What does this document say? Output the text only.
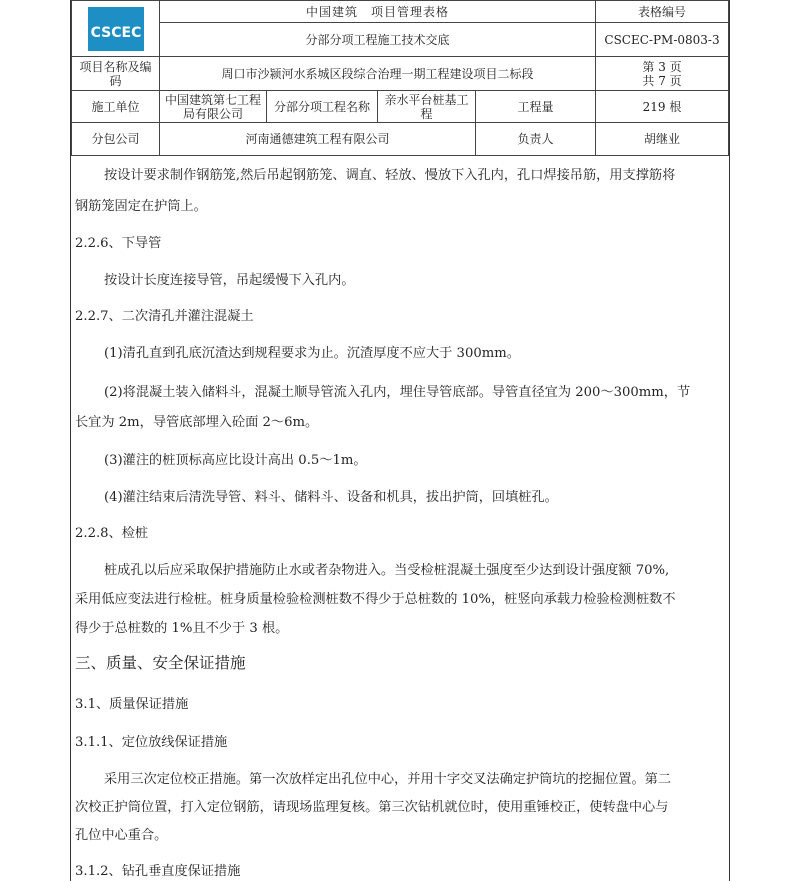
CSCEC	中国建筑　项目管理表格				表格编号
	分部分项工程施工技术交底				CSCEC-PM-0803-3
项目名称及编码	周口市沙颍河水系城区段综合治理一期工程建设项目二标段				第 3 页
共 7 页

施工单位	中国建筑第七工程局有限公司	分部分项工程名称	亲水平台桩基工程	工程量	219 根
分包公司	河南通德建筑工程有限公司			负责人	胡继业
按设计要求制作钢筋笼,然后吊起钢筋笼、调直、轻放、慢放下入孔内，孔口焊接吊筋，用支撑筋将
钢筋笼固定在护筒上。
2.2.6、下导管
按设计长度连接导管，吊起缓慢下入孔内。
2.2.7、二次清孔并灌注混凝土
(1)清孔直到孔底沉渣达到规程要求为止。沉渣厚度不应大于 300mm。
(2)将混凝土装入储料斗，混凝土顺导管流入孔内，埋住导管底部。导管直径宜为 200～300mm，节
长宜为 2m，导管底部埋入砼面 2～6m。
(3)灌注的桩顶标高应比设计高出 0.5～1m。
(4)灌注结束后清洗导管、料斗、储料斗、设备和机具，拔出护筒，回填桩孔。
2.2.8、检桩
桩成孔以后应采取保护措施防止水或者杂物进入。当受检桩混凝土强度至少达到设计强度额 70%,
采用低应变法进行检桩。桩身质量检验检测桩数不得少于总桩数的 10%，桩竖向承载力检验检测桩数不
得少于总桩数的 1%且不少于 3 根。
三、质量、安全保证措施
3.1、质量保证措施
3.1.1、定位放线保证措施
采用三次定位校正措施。第一次放样定出孔位中心，并用十字交叉法确定护筒坑的挖掘位置。第二
次校正护筒位置，打入定位钢筋，请现场监理复核。第三次钻机就位时，使用重锤校正，使转盘中心与
孔位中心重合。
3.1.2、钻孔垂直度保证措施
